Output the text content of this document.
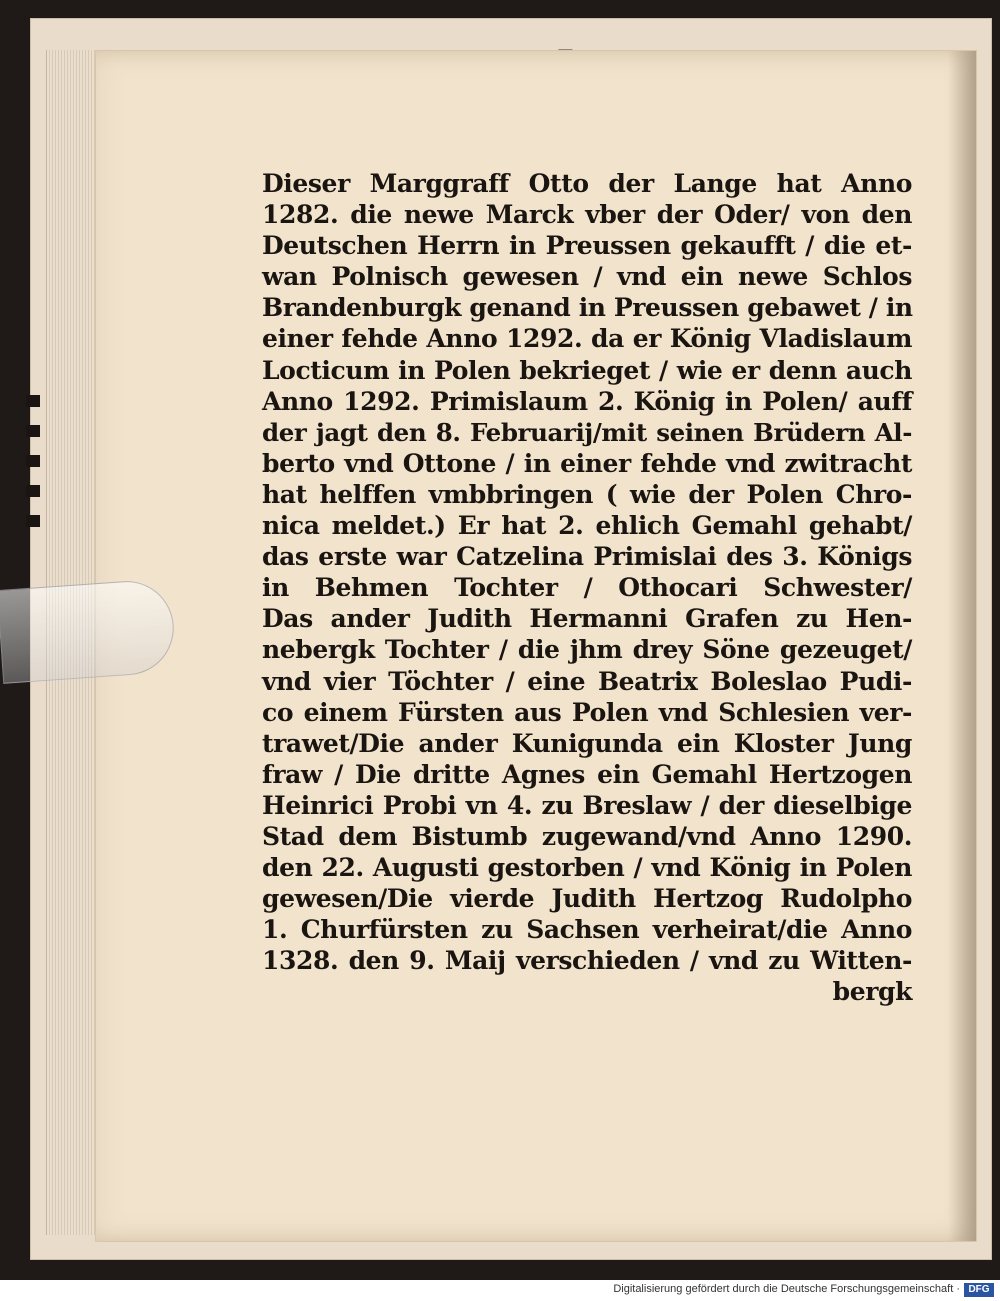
Dieser Marggraff Otto der Lange hat Anno
1282. die newe Marck vber der Oder/ von den
Deutschen Herrn in Preussen gekaufft / die et-
wan Polnisch gewesen / vnd ein newe Schlos
Brandenburgk genand in Preussen gebawet / in
einer fehde Anno 1292. da er König Vladislaum
Locticum in Polen bekrieget / wie er denn auch
Anno 1292. Primislaum 2. König in Polen/ auff
der jagt den 8. Februarij/mit seinen Brüdern Al-
berto vnd Ottone / in einer fehde vnd zwitracht
hat helffen vmbbringen ( wie der Polen Chro-
nica meldet.) Er hat 2. ehlich Gemahl gehabt/
das erste war Catzelina Primislai des 3. Königs
in Behmen Tochter / Othocari Schwester/
Das ander Judith Hermanni Grafen zu Hen-
nebergk Tochter / die jhm drey Söne gezeuget/
vnd vier Töchter / eine Beatrix Boleslao Pudi-
co einem Fürsten aus Polen vnd Schlesien ver-
trawet/Die ander Kunigunda ein Kloster Jung
fraw / Die dritte Agnes ein Gemahl Hertzogen
Heinrici Probi vn 4. zu Breslaw / der dieselbige
Stad dem Bistumb zugewand/vnd Anno 1290.
den 22. Augusti gestorben / vnd König in Polen
gewesen/Die vierde Judith Hertzog Rudolpho
1. Churfürsten zu Sachsen verheirat/die Anno
1328. den 9. Maij verschieden / vnd zu Witten-
bergk
Digitalisierung gefördert durch die Deutsche Forschungsgemeinschaft · DFG
